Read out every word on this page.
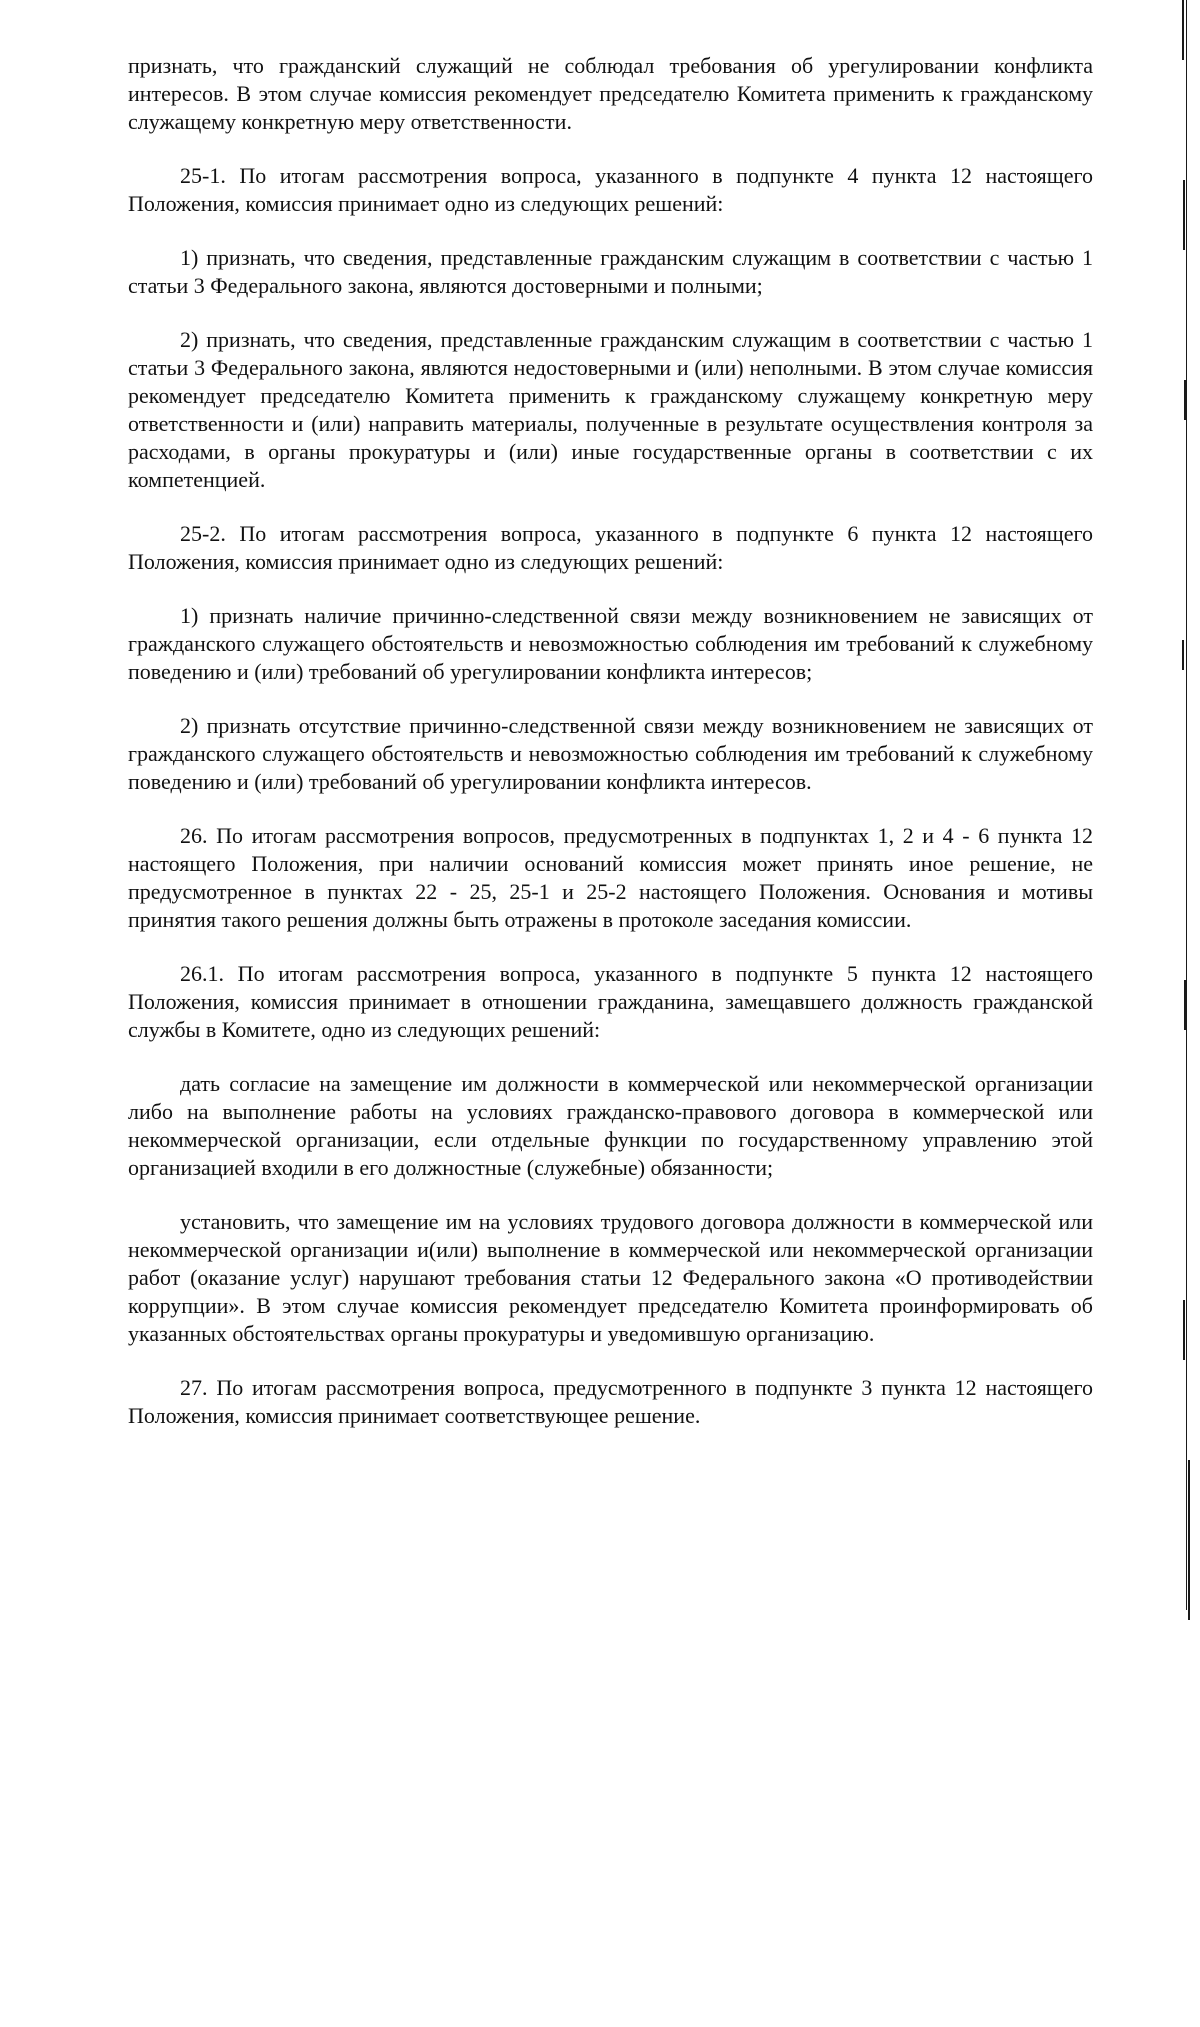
признать, что гражданский служащий не соблюдал требования об урегулировании конфликта интересов. В этом случае комиссия рекомендует председателю Комитета применить к гражданскому служащему конкретную меру ответственности.

25-1. По итогам рассмотрения вопроса, указанного в подпункте 4 пункта 12 настоящего Положения, комиссия принимает одно из следующих решений:

1) признать, что сведения, представленные гражданским служащим в соответствии с частью 1 статьи 3 Федерального закона, являются достоверными и полными;

2) признать, что сведения, представленные гражданским служащим в соответствии с частью 1 статьи 3 Федерального закона, являются недостоверными и (или) неполными. В этом случае комиссия рекомендует председателю Комитета применить к гражданскому служащему конкретную меру ответственности и (или) направить материалы, полученные в результате осуществления контроля за расходами, в органы прокуратуры и (или) иные государственные органы в соответствии с их компетенцией.

25-2. По итогам рассмотрения вопроса, указанного в подпункте 6 пункта 12 настоящего Положения, комиссия принимает одно из следующих решений:

1) признать наличие причинно-следственной связи между возникновением не зависящих от гражданского служащего обстоятельств и невозможностью соблюдения им требований к служебному поведению и (или) требований об урегулировании конфликта интересов;

2) признать отсутствие причинно-следственной связи между возникновением не зависящих от гражданского служащего обстоятельств и невозможностью соблюдения им требований к служебному поведению и (или) требований об урегулировании конфликта интересов.

26. По итогам рассмотрения вопросов, предусмотренных в подпунктах 1, 2 и 4 - 6 пункта 12 настоящего Положения, при наличии оснований комиссия может принять иное решение, не предусмотренное в пунктах 22 - 25, 25-1 и 25-2 настоящего Положения. Основания и мотивы принятия такого решения должны быть отражены в протоколе заседания комиссии.

26.1. По итогам рассмотрения вопроса, указанного в подпункте 5 пункта 12 настоящего Положения, комиссия принимает в отношении гражданина, замещавшего должность гражданской службы в Комитете, одно из следующих решений:

дать согласие на замещение им должности в коммерческой или некоммерческой организации либо на выполнение работы на условиях гражданско-правового договора в коммерческой или некоммерческой организации, если отдельные функции по государственному управлению этой организацией входили в его должностные (служебные) обязанности;

установить, что замещение им на условиях трудового договора должности в коммерческой или некоммерческой организации и(или) выполнение в коммерческой или некоммерческой организации работ (оказание услуг) нарушают требования статьи 12 Федерального закона «О противодействии коррупции». В этом случае комиссия рекомендует председателю Комитета проинформировать об указанных обстоятельствах органы прокуратуры и уведомившую организацию.

27. По итогам рассмотрения вопроса, предусмотренного в подпункте 3 пункта 12 настоящего Положения, комиссия принимает соответствующее решение.
